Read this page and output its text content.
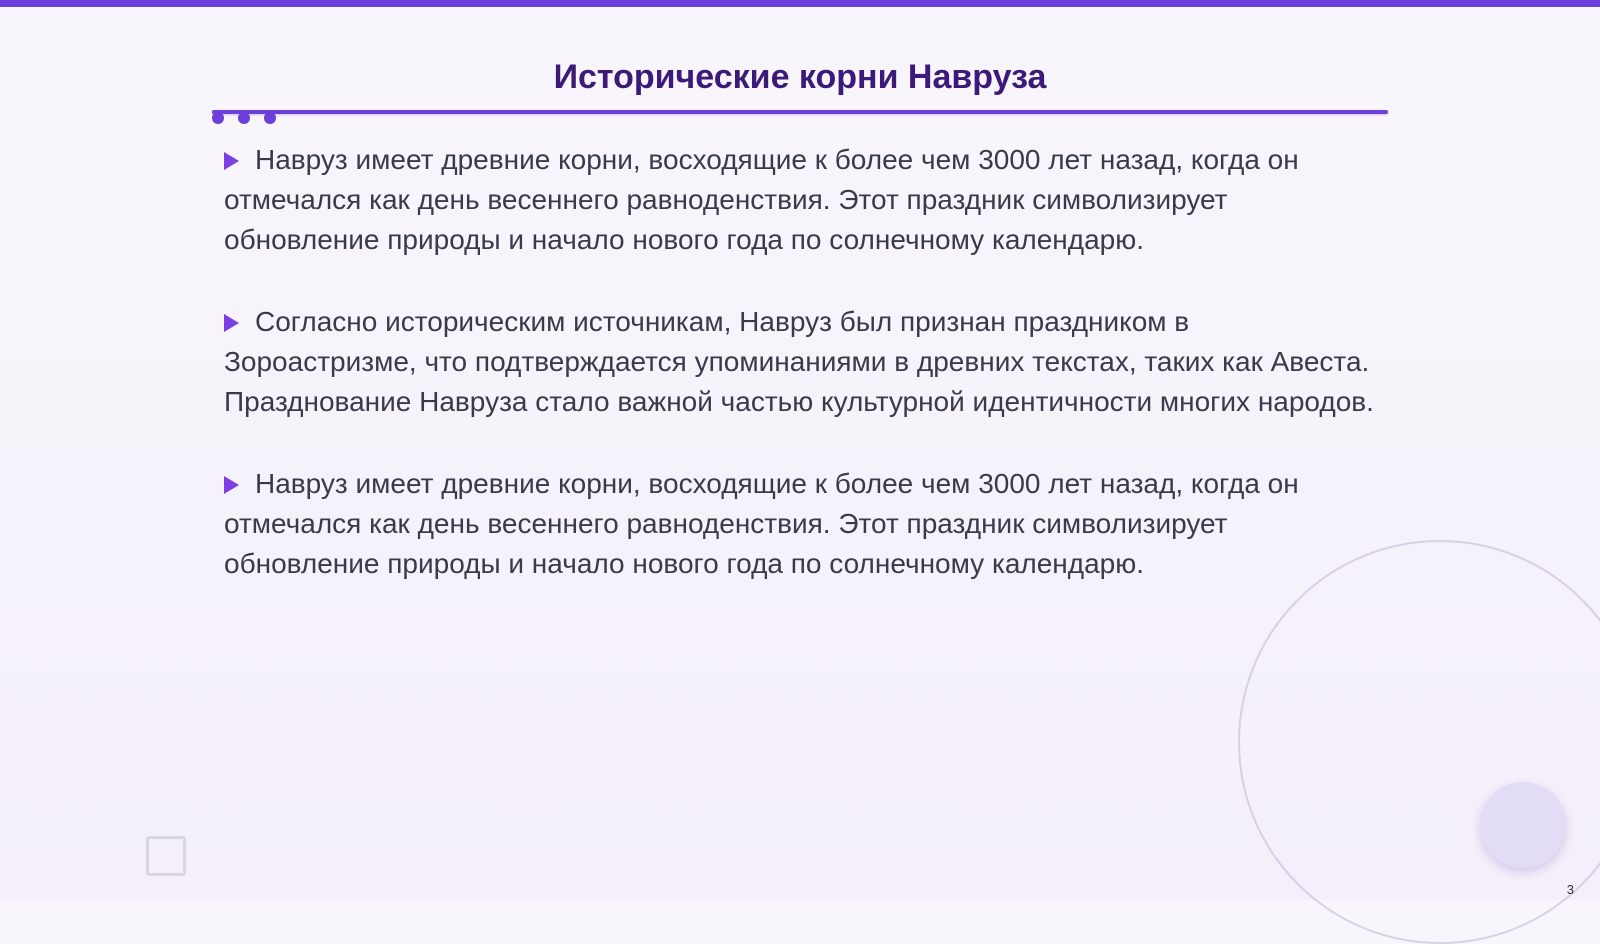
Исторические корни Навруза

Навруз имеет древние корни, восходящие к более чем 3000 лет назад, когда он отмечался как день весеннего равноденствия. Этот праздник символизирует обновление природы и начало нового года по солнечному календарю.

Согласно историческим источникам, Навруз был признан праздником в Зороастризме, что подтверждается упоминаниями в древних текстах, таких как Авеста. Празднование Навруза стало важной частью культурной идентичности многих народов.

Навруз имеет древние корни, восходящие к более чем 3000 лет назад, когда он отмечался как день весеннего равноденствия. Этот праздник символизирует обновление природы и начало нового года по солнечному календарю.

3
